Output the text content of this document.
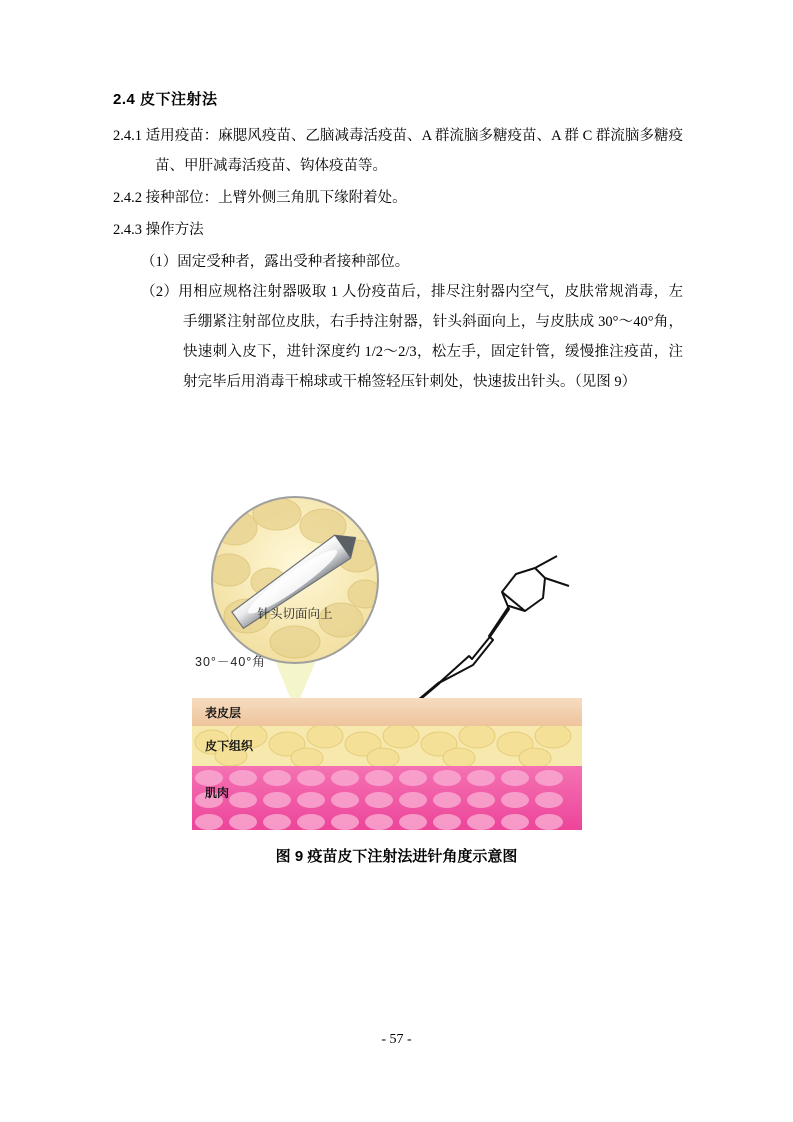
2.4 皮下注射法

2.4.1 适用疫苗：麻腮风疫苗、乙脑减毒活疫苗、A 群流脑多糖疫苗、A 群 C 群流脑多糖疫苗、甲肝减毒活疫苗、钩体疫苗等。

2.4.2 接种部位：上臂外侧三角肌下缘附着处。

2.4.3 操作方法

（1）固定受种者，露出受种者接种部位。

（2）用相应规格注射器吸取 1 人份疫苗后，排尽注射器内空气，皮肤常规消毒，左手绷紧注射部位皮肤，右手持注射器，针头斜面向上，与皮肤成 30°～40°角，快速刺入皮下，进针深度约 1/2～2/3，松左手，固定针管，缓慢推注疫苗，注射完毕后用消毒干棉球或干棉签轻压针刺处，快速拔出针头。（见图 9）

针头切面向上
30°－40°角
表皮层
皮下组织
肌肉
图 9 疫苗皮下注射法进针角度示意图
- 57 -
